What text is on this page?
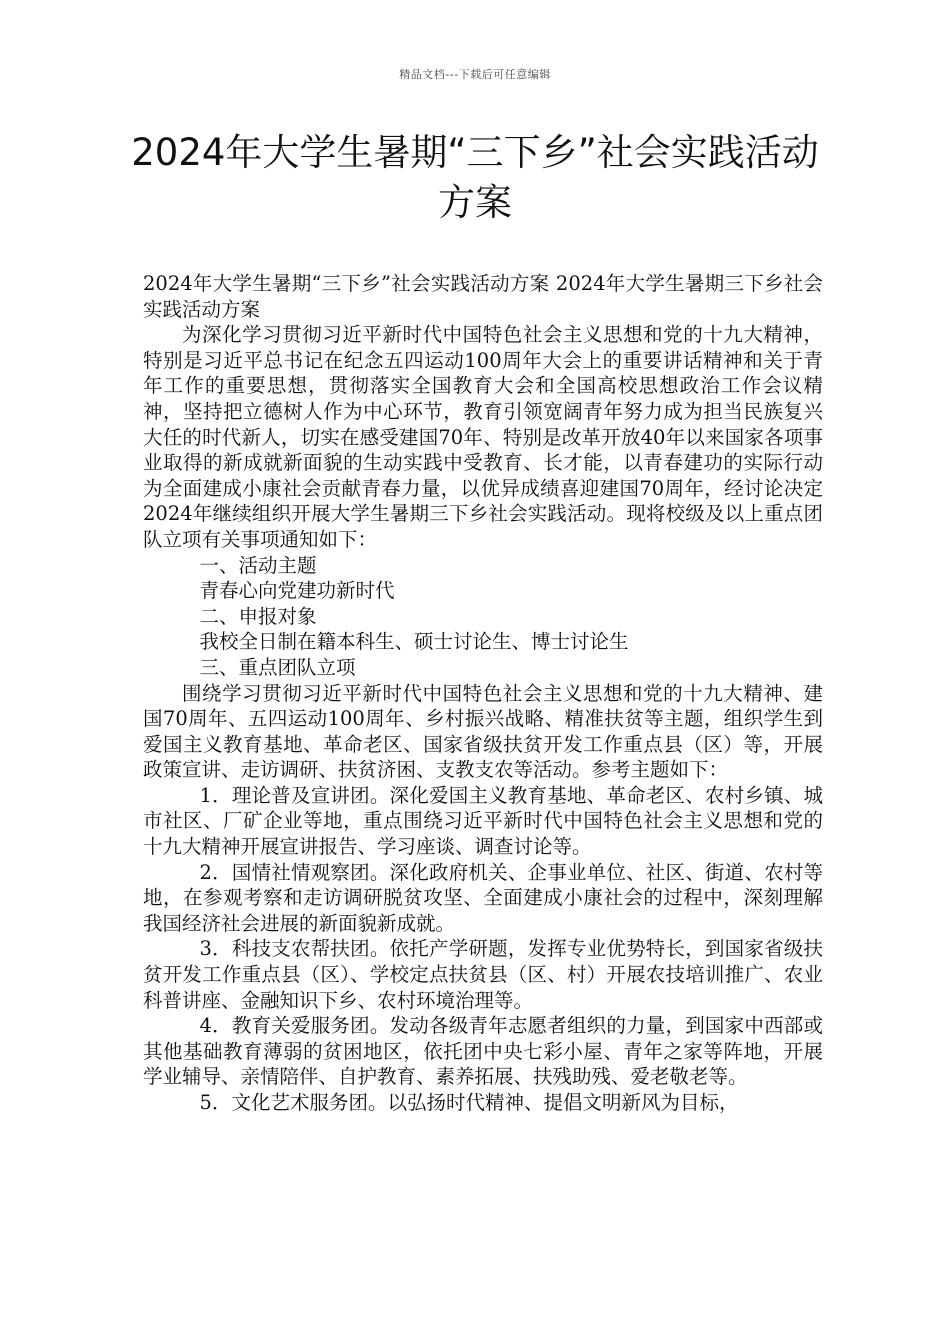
精品文档---下载后可任意编辑
2024年大学生暑期“三下乡”社会实践活动方案

2024年大学生暑期“三下乡”社会实践活动方案 2024年大学生暑期三下乡社会实践活动方案

为深化学习贯彻习近平新时代中国特色社会主义思想和党的十九大精神，特别是习近平总书记在纪念五四运动100周年大会上的重要讲话精神和关于青年工作的重要思想，贯彻落实全国教育大会和全国高校思想政治工作会议精神，坚持把立德树人作为中心环节，教育引领宽阔青年努力成为担当民族复兴大任的时代新人，切实在感受建国70年、特别是改革开放40年以来国家各项事业取得的新成就新面貌的生动实践中受教育、长才能，以青春建功的实际行动为全面建成小康社会贡献青春力量，以优异成绩喜迎建国70周年，经讨论决定2024年继续组织开展大学生暑期三下乡社会实践活动。现将校级及以上重点团队立项有关事项通知如下：

一、活动主题

青春心向党建功新时代

二、申报对象

我校全日制在籍本科生、硕士讨论生、博士讨论生

三、重点团队立项

围绕学习贯彻习近平新时代中国特色社会主义思想和党的十九大精神、建国70周年、五四运动100周年、乡村振兴战略、精准扶贫等主题，组织学生到爱国主义教育基地、革命老区、国家省级扶贫开发工作重点县（区）等，开展政策宣讲、走访调研、扶贫济困、支教支农等活动。参考主题如下：

1．理论普及宣讲团。深化爱国主义教育基地、革命老区、农村乡镇、城市社区、厂矿企业等地，重点围绕习近平新时代中国特色社会主义思想和党的十九大精神开展宣讲报告、学习座谈、调查讨论等。

2．国情社情观察团。深化政府机关、企事业单位、社区、街道、农村等地，在参观考察和走访调研脱贫攻坚、全面建成小康社会的过程中，深刻理解我国经济社会进展的新面貌新成就。

3．科技支农帮扶团。依托产学研题，发挥专业优势特长，到国家省级扶贫开发工作重点县（区）、学校定点扶贫县（区、村）开展农技培训推广、农业科普讲座、金融知识下乡、农村环境治理等。

4．教育关爱服务团。发动各级青年志愿者组织的力量，到国家中西部或其他基础教育薄弱的贫困地区，依托团中央七彩小屋、青年之家等阵地，开展学业辅导、亲情陪伴、自护教育、素养拓展、扶残助残、爱老敬老等。

5．文化艺术服务团。以弘扬时代精神、提倡文明新风为目标，
